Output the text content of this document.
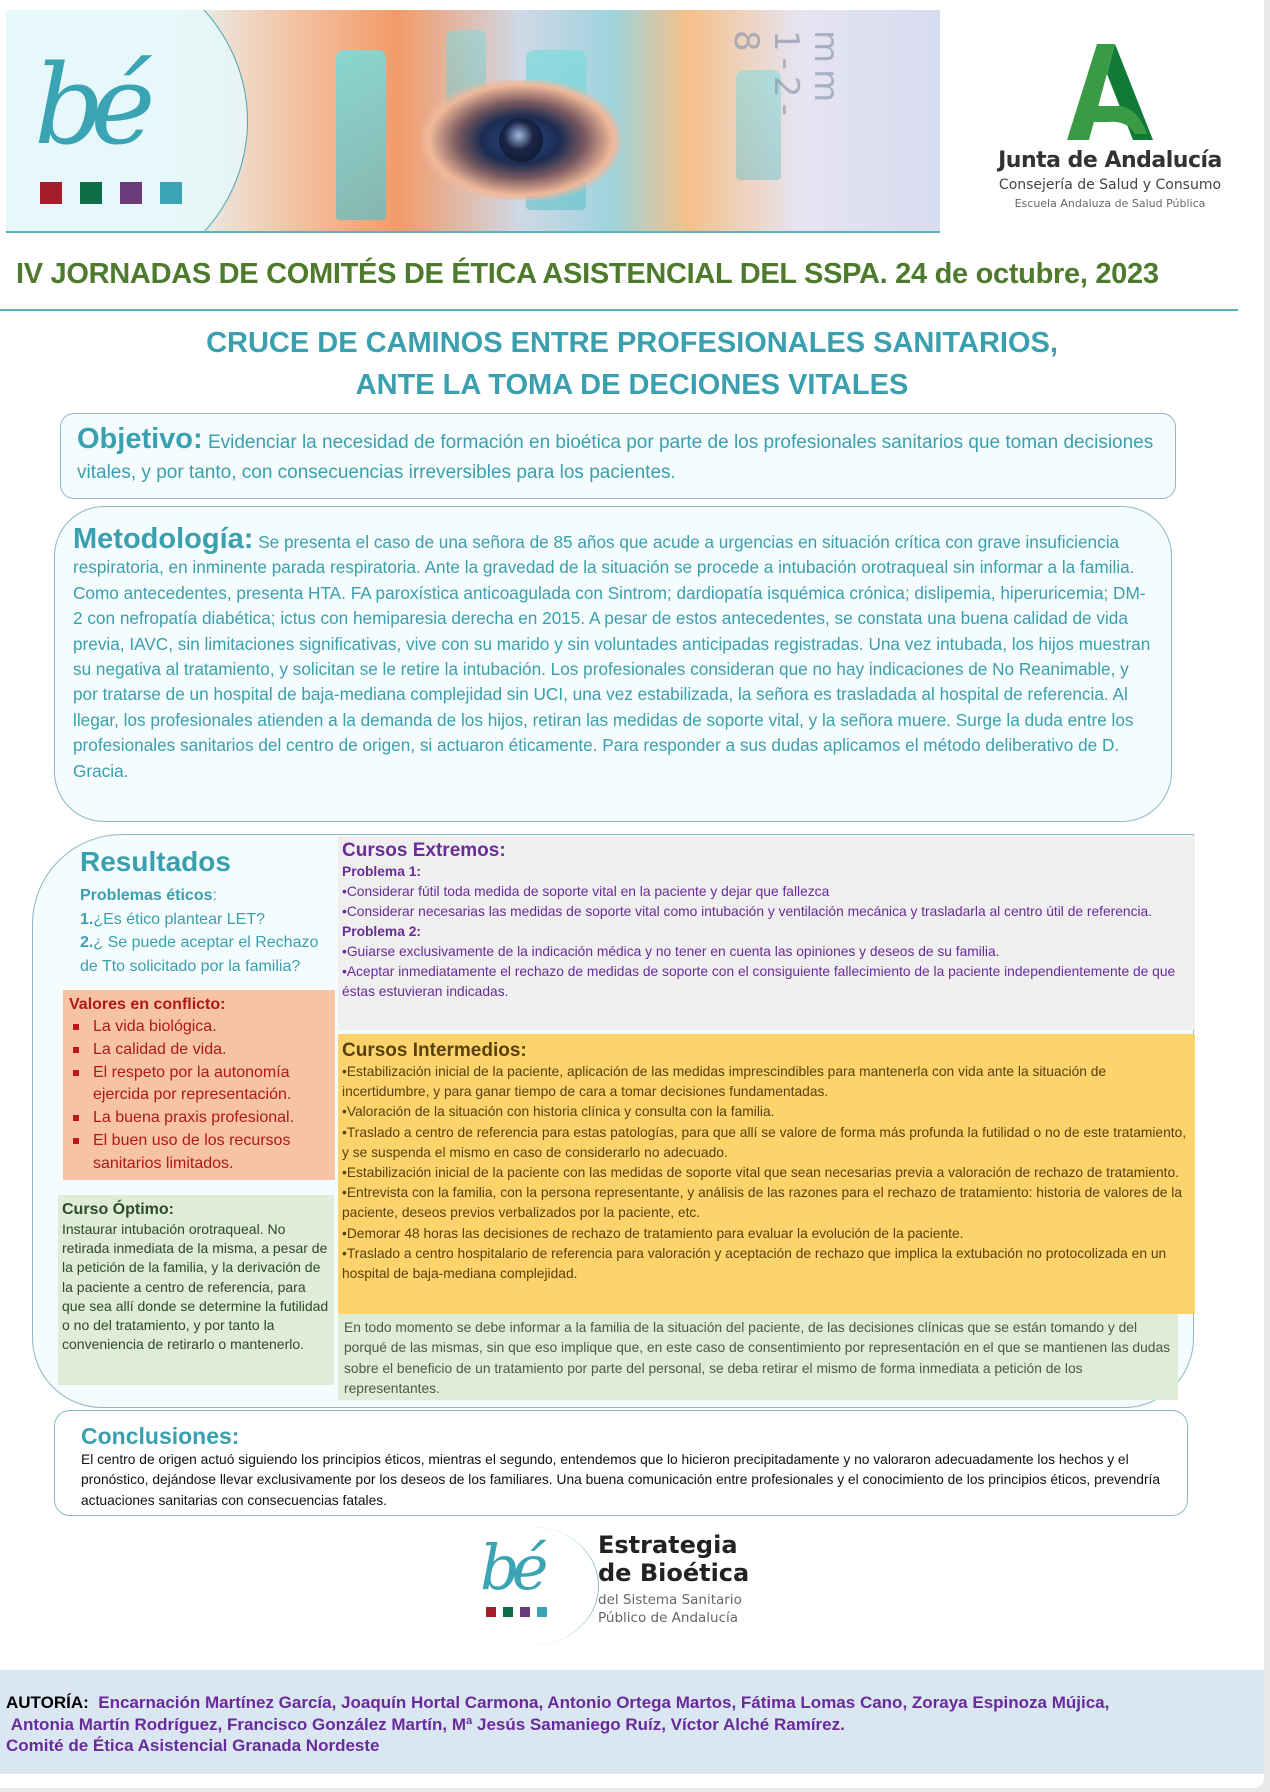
mm 1-2-8
bé	Junta de Andalucía
Consejería de Salud y Consumo
Escuela Andaluza de Salud Pública
IV JORNADAS DE COMITÉS DE ÉTICA ASISTENCIAL DEL SSPA. 24 de octubre, 2023
CRUCE DE CAMINOS ENTRE PROFESIONALES SANITARIOS,
ANTE LA TOMA DE DECIONES VITALES
Objetivo: Evidenciar la necesidad de formación en bioética por parte de los profesionales sanitarios que toman decisiones vitales, y por tanto, con consecuencias irreversibles para los pacientes.
Metodología: Se presenta el caso de una señora de 85 años que acude a urgencias en situación crítica con grave insuficiencia respiratoria, en inminente parada respiratoria. Ante la gravedad de la situación se procede a intubación orotraqueal sin informar a la familia. Como antecedentes, presenta HTA. FA paroxística anticoagulada con Sintrom; dardiopatía isquémica crónica; dislipemia, hiperuricemia; DM-2 con nefropatía diabética; ictus con hemiparesia derecha en 2015. A pesar de estos antecedentes, se constata una buena calidad de vida previa, IAVC, sin limitaciones significativas, vive con su marido y sin voluntades anticipadas registradas. Una vez intubada, los hijos muestran su negativa al tratamiento, y solicitan se le retire la intubación. Los profesionales consideran que no hay indicaciones de No Reanimable, y por tratarse de un hospital de baja-mediana complejidad sin UCI, una vez estabilizada, la señora es trasladada al hospital de referencia. Al llegar, los profesionales atienden a la demanda de los hijos, retiran las medidas de soporte vital, y la señora muere. Surge la duda entre los profesionales sanitarios del centro de origen, si actuaron éticamente. Para responder a sus dudas aplicamos el método deliberativo de D. Gracia.
Resultados
Problemas éticos:
1.¿Es ético plantear LET?
2.¿ Se puede aceptar el Rechazo de Tto solicitado por la familia?
Valores en conflicto:
La vida biológica.
La calidad de vida.
El respeto por la autonomía ejercida por representación.
La buena praxis profesional.
El buen uso de los recursos sanitarios limitados.
Curso Óptimo:
Instaurar intubación orotraqueal. No retirada inmediata de la misma, a pesar de la petición de la familia, y la derivación de la paciente a centro de referencia, para que sea allí donde se determine la futilidad o no del tratamiento, y por tanto la conveniencia de retirarlo o mantenerlo.
Cursos Extremos:
Problema 1:
•Considerar fútil toda medida de soporte vital en la paciente y dejar que fallezca
•Considerar necesarias las medidas de soporte vital como intubación y ventilación mecánica y trasladarla al centro útil de referencia.
Problema 2:
•Guiarse exclusivamente de la indicación médica y no tener en cuenta las opiniones y deseos de su familia.
•Aceptar inmediatamente el rechazo de medidas de soporte con el consiguiente fallecimiento de la paciente independientemente de que éstas estuvieran indicadas.
Cursos Intermedios:
•Estabilización inicial de la paciente, aplicación de las medidas imprescindibles para mantenerla con vida ante la situación de incertidumbre, y para ganar tiempo de cara a tomar decisiones fundamentadas.
•Valoración de la situación con historia clínica y consulta con la familia.
•Traslado a centro de referencia para estas patologías, para que allí se valore de forma más profunda la futilidad o no de este tratamiento, y se suspenda el mismo en caso de considerarlo no adecuado.
•Estabilización inicial de la paciente con las medidas de soporte vital que sean necesarias previa a valoración de rechazo de tratamiento.
•Entrevista con la familia, con la persona representante, y análisis de las razones para el rechazo de tratamiento: historia de valores de la paciente, deseos previos verbalizados por la paciente, etc.
•Demorar 48 horas las decisiones de rechazo de tratamiento para evaluar la evolución de la paciente.
•Traslado a centro hospitalario de referencia para valoración y aceptación de rechazo que implica la extubación no protocolizada en un hospital de baja-mediana complejidad.
En todo momento se debe informar a la familia de la situación del paciente, de las decisiones clínicas que se están tomando y del porqué de las mismas, sin que eso implique que, en este caso de consentimiento por representación en el que se mantienen las dudas sobre el beneficio de un tratamiento por parte del personal, se deba retirar el mismo de forma inmediata a petición de los representantes.
Conclusiones:
El centro de origen actuó siguiendo los principios éticos, mientras el segundo, entendemos que lo hicieron precipitadamente y no valoraron adecuadamente los hechos y el pronóstico, dejándose llevar exclusivamente por los deseos de los familiares. Una buena comunicación entre profesionales y el conocimiento de los principios éticos, prevendría actuaciones sanitarias con consecuencias fatales.
bé Estrategia
de Bioética
del Sistema Sanitario
Público de Andalucía
AUTORÍA: Encarnación Martínez García, Joaquín Hortal Carmona, Antonio Ortega Martos, Fátima Lomas Cano, Zoraya Espinoza Mújica,
Antonia Martín Rodríguez, Francisco González Martín, Mª Jesús Samaniego Ruíz, Víctor Alché Ramírez.
Comité de Ética Asistencial Granada Nordeste
